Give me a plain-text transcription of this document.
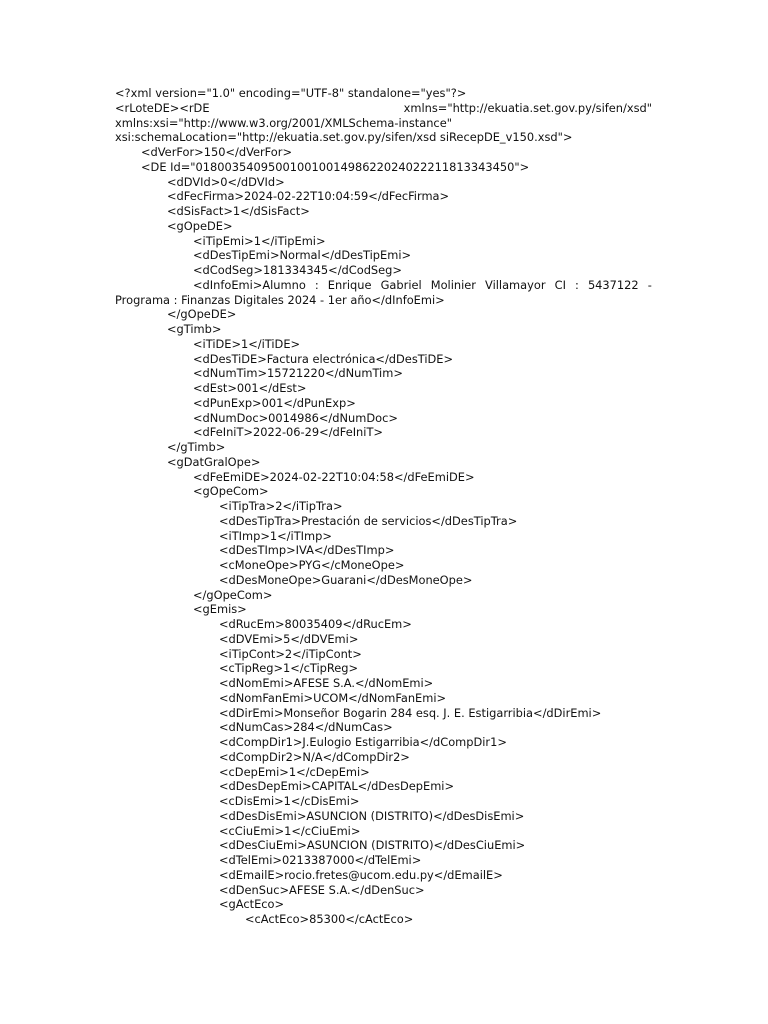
<?xml version="1.0" encoding="UTF-8" standalone="yes"?>
<rLoteDE><rDE	xmlns="http://ekuatia.set.gov.py/sifen/xsd"
xmlns:xsi="http://www.w3.org/2001/XMLSchema-instance"
xsi:schemaLocation="http://ekuatia.set.gov.py/sifen/xsd siRecepDE_v150.xsd">
<dVerFor>150</dVerFor>
<DE Id="01800354095001001001498622024022211813343450">
<dDVId>0</dDVId>
<dFecFirma>2024-02-22T10:04:59</dFecFirma>
<dSisFact>1</dSisFact>
<gOpeDE>
<iTipEmi>1</iTipEmi>
<dDesTipEmi>Normal</dDesTipEmi>
<dCodSeg>181334345</dCodSeg>
<dInfoEmi>Alumno : Enrique Gabriel Molinier Villamayor CI : 5437122 -
Programa : Finanzas Digitales 2024 - 1er año</dInfoEmi>
</gOpeDE>
<gTimb>
<iTiDE>1</iTiDE>
<dDesTiDE>Factura electrónica</dDesTiDE>
<dNumTim>15721220</dNumTim>
<dEst>001</dEst>
<dPunExp>001</dPunExp>
<dNumDoc>0014986</dNumDoc>
<dFeIniT>2022-06-29</dFeIniT>
</gTimb>
<gDatGralOpe>
<dFeEmiDE>2024-02-22T10:04:58</dFeEmiDE>
<gOpeCom>
<iTipTra>2</iTipTra>
<dDesTipTra>Prestación de servicios</dDesTipTra>
<iTImp>1</iTImp>
<dDesTImp>IVA</dDesTImp>
<cMoneOpe>PYG</cMoneOpe>
<dDesMoneOpe>Guarani</dDesMoneOpe>
</gOpeCom>
<gEmis>
<dRucEm>80035409</dRucEm>
<dDVEmi>5</dDVEmi>
<iTipCont>2</iTipCont>
<cTipReg>1</cTipReg>
<dNomEmi>AFESE S.A.</dNomEmi>
<dNomFanEmi>UCOM</dNomFanEmi>
<dDirEmi>Monseñor Bogarin 284 esq. J. E. Estigarribia</dDirEmi>
<dNumCas>284</dNumCas>
<dCompDir1>J.Eulogio Estigarribia</dCompDir1>
<dCompDir2>N/A</dCompDir2>
<cDepEmi>1</cDepEmi>
<dDesDepEmi>CAPITAL</dDesDepEmi>
<cDisEmi>1</cDisEmi>
<dDesDisEmi>ASUNCION (DISTRITO)</dDesDisEmi>
<cCiuEmi>1</cCiuEmi>
<dDesCiuEmi>ASUNCION (DISTRITO)</dDesCiuEmi>
<dTelEmi>0213387000</dTelEmi>
<dEmailE>rocio.fretes@ucom.edu.py</dEmailE>
<dDenSuc>AFESE S.A.</dDenSuc>
<gActEco>
<cActEco>85300</cActEco>
